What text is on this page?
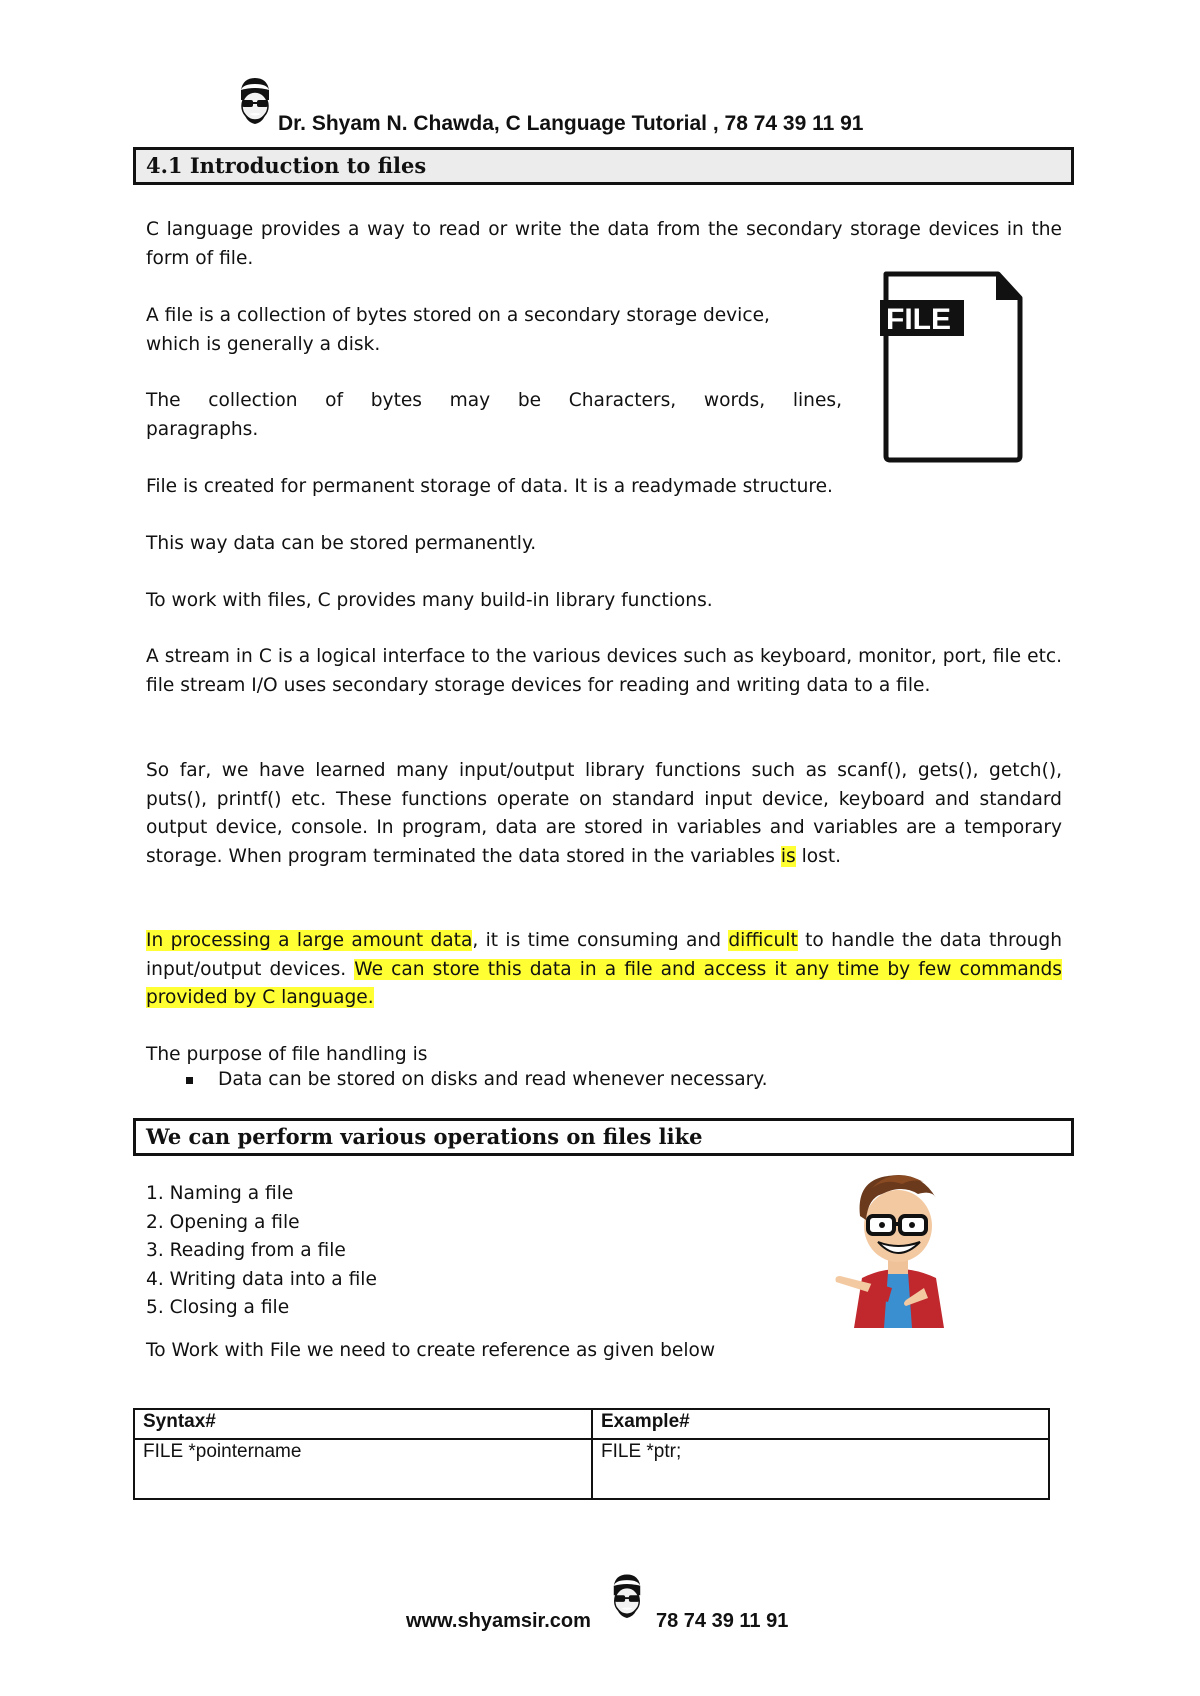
Dr. Shyam N. Chawda, C Language Tutorial , 78 74 39 11 91
4.1 Introduction to files

C language provides a way to read or write the data from the secondary storage devices in the form of file.

A file is a collection of bytes stored on a secondary storage device,
which is generally a disk.
The collection of bytes may be Characters, words, lines,
paragraphs.
FILE

File is created for permanent storage of data. It is a readymade structure.

This way data can be stored permanently.

To work with files, C provides many build-in library functions.

A stream in C is a logical interface to the various devices such as keyboard, monitor, port, file etc. file stream I/O uses secondary storage devices for reading and writing data to a file.

So far, we have learned many input/output library functions such as scanf(), gets(), getch(), puts(), printf() etc. These functions operate on standard input device, keyboard and standard output device, console. In program, data are stored in variables and variables are a temporary storage. When program terminated the data stored in the variables is lost.

In processing a large amount data, it is time consuming and difficult to handle the data through input/output devices. We can store this data in a file and access it any time by few commands provided by C language.

The purpose of file handling is

Data can be stored on disks and read whenever necessary.
We can perform various operations on files like
1. Naming a file
2. Opening a file
3. Reading from a file
4. Writing data into a file
5. Closing a file

To Work with File we need to create reference as given below

Syntax#	Example#
FILE *pointername	FILE *ptr;
www.shyamsir.com	78 74 39 11 91
